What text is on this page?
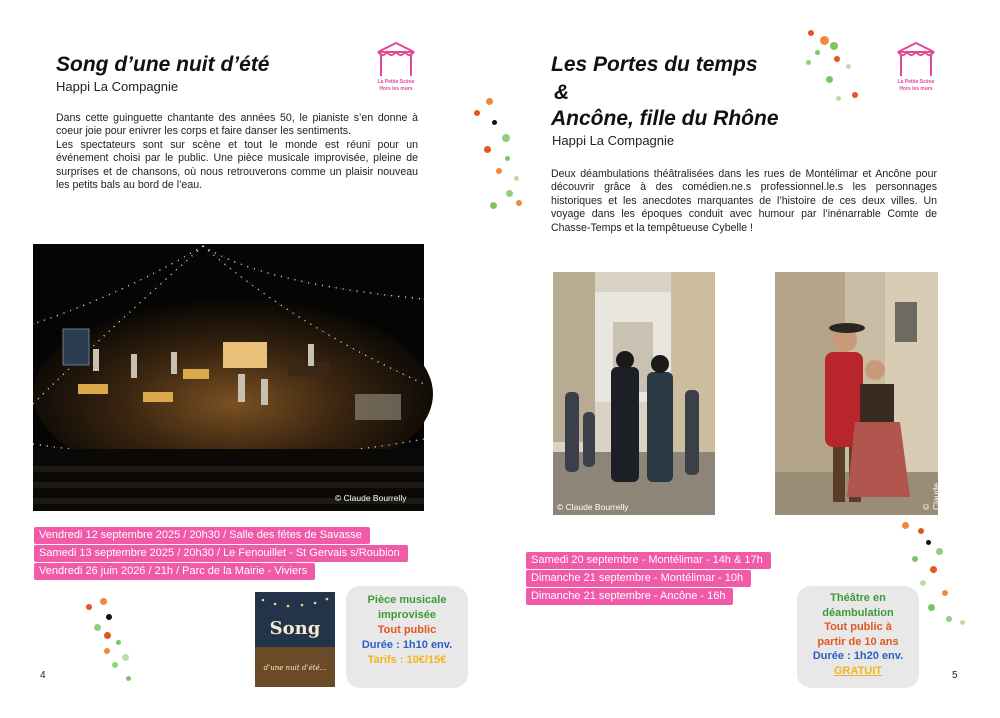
Song d’une nuit d’été
Happi La Compagnie	La Petite Scène
Hors les murs

Dans cette guinguette chantante des années 50, le pianiste s’en donne à coeur joie pour enivrer les corps et faire danser les sentiments.

Les spectateurs sont sur scène et tout le monde est réuni pour un événement choisi par le public. Une pièce musicale improvisée, pleine de surprises et de chansons, où nous retrouverons comme un plaisir nouveau les petits bals au bord de l’eau.

© Claude Bourrelly
Vendredi 12 septembre 2025 / 20h30 / Salle des fêtes de Savasse
Samedi 13 septembre 2025 / 20h30 / Le Fenouillet - St Gervais s/Roubion
Vendredi 26 juin 2026 / 21h / Parc de la Mairie - Viviers
Song
d’une nuit d’été...
Pièce musicale
improvisée
Tout public
Durée : 1h10 env.
Tarifs : 10€/15€
4
Les Portes du temps
&
Ancône, fille du Rhône
Happi La Compagnie
La Petite Scène
Hors les murs
Deux déambulations théâtralisées dans les rues de Montélimar et Ancône pour découvrir grâce à des comédien.ne.s professionnel.le.s les personnages historiques et les anecdotes marquantes de l’histoire de ces deux villes. Un voyage dans les époques conduit avec humour par l’inénarrable Comte de Chasse-Temps et la tempêtueuse Cybelle !
© Claude Bourrelly	© Claude Bourrelly
Samedi 20 septembre - Montélimar - 14h & 17h
Dimanche 21 septembre - Montélimar - 10h
Dimanche 21 septembre - Ancône - 16h	Théâtre en
déambulation
Tout public à
partir de 10 ans
Durée : 1h20 env.
GRATUIT	5
